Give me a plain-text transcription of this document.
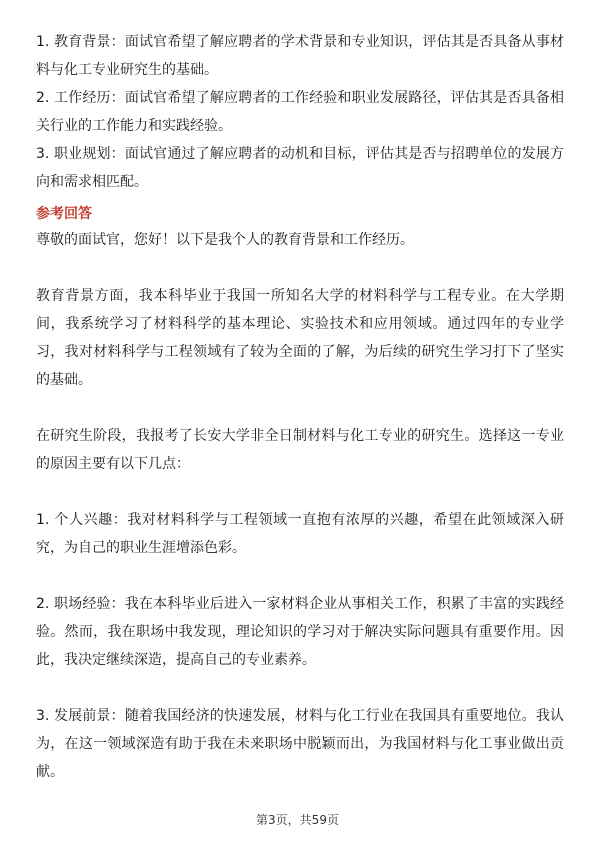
1. 教育背景：面试官希望了解应聘者的学术背景和专业知识，评估其是否具备从事材料与化工专业研究生的基础。

2. 工作经历：面试官希望了解应聘者的工作经验和职业发展路径，评估其是否具备相关行业的工作能力和实践经验。

3. 职业规划：面试官通过了解应聘者的动机和目标，评估其是否与招聘单位的发展方向和需求相匹配。

参考回答

尊敬的面试官，您好！以下是我个人的教育背景和工作经历。

教育背景方面，我本科毕业于我国一所知名大学的材料科学与工程专业。在大学期间，我系统学习了材料科学的基本理论、实验技术和应用领域。通过四年的专业学习，我对材料科学与工程领域有了较为全面的了解，为后续的研究生学习打下了坚实的基础。

在研究生阶段，我报考了长安大学非全日制材料与化工专业的研究生。选择这一专业的原因主要有以下几点：

1. 个人兴趣：我对材料科学与工程领域一直抱有浓厚的兴趣，希望在此领域深入研究，为自己的职业生涯增添色彩。

2. 职场经验：我在本科毕业后进入一家材料企业从事相关工作，积累了丰富的实践经验。然而，我在职场中我发现，理论知识的学习对于解决实际问题具有重要作用。因此，我决定继续深造，提高自己的专业素养。

3. 发展前景：随着我国经济的快速发展，材料与化工行业在我国具有重要地位。我认为，在这一领域深造有助于我在未来职场中脱颖而出，为我国材料与化工事业做出贡献。

第3页，共59页
